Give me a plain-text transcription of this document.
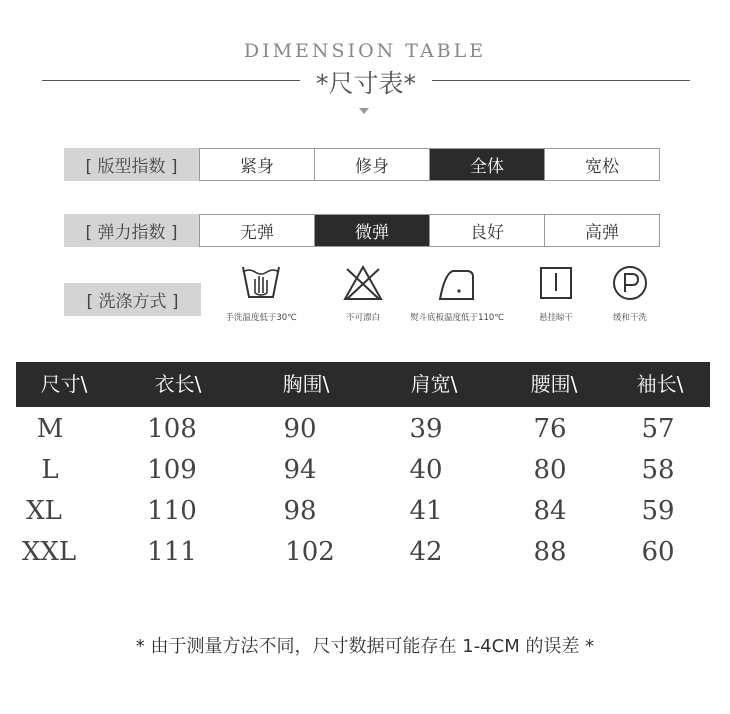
DIMENSION TABLE
*尺寸表*
[ 版型指数 ]	紧身	修身	全体	宽松
[ 弹力指数 ]	无弹	微弹	良好	高弹
[ 洗涤方式 ]
手洗温度低于30℃	不可漂白	熨斗底板温度低于110℃	悬挂晾干	缓和干洗
尺寸\	衣长\	胸围\	肩宽\	腰围\	袖长\
M	108	90	39	76	57
L	109	94	40	80	58
XL	110	98	41	84	59
XXL	111	102	42	88	60
* 由于测量方法不同，尺寸数据可能存在 1-4CM 的误差 *
